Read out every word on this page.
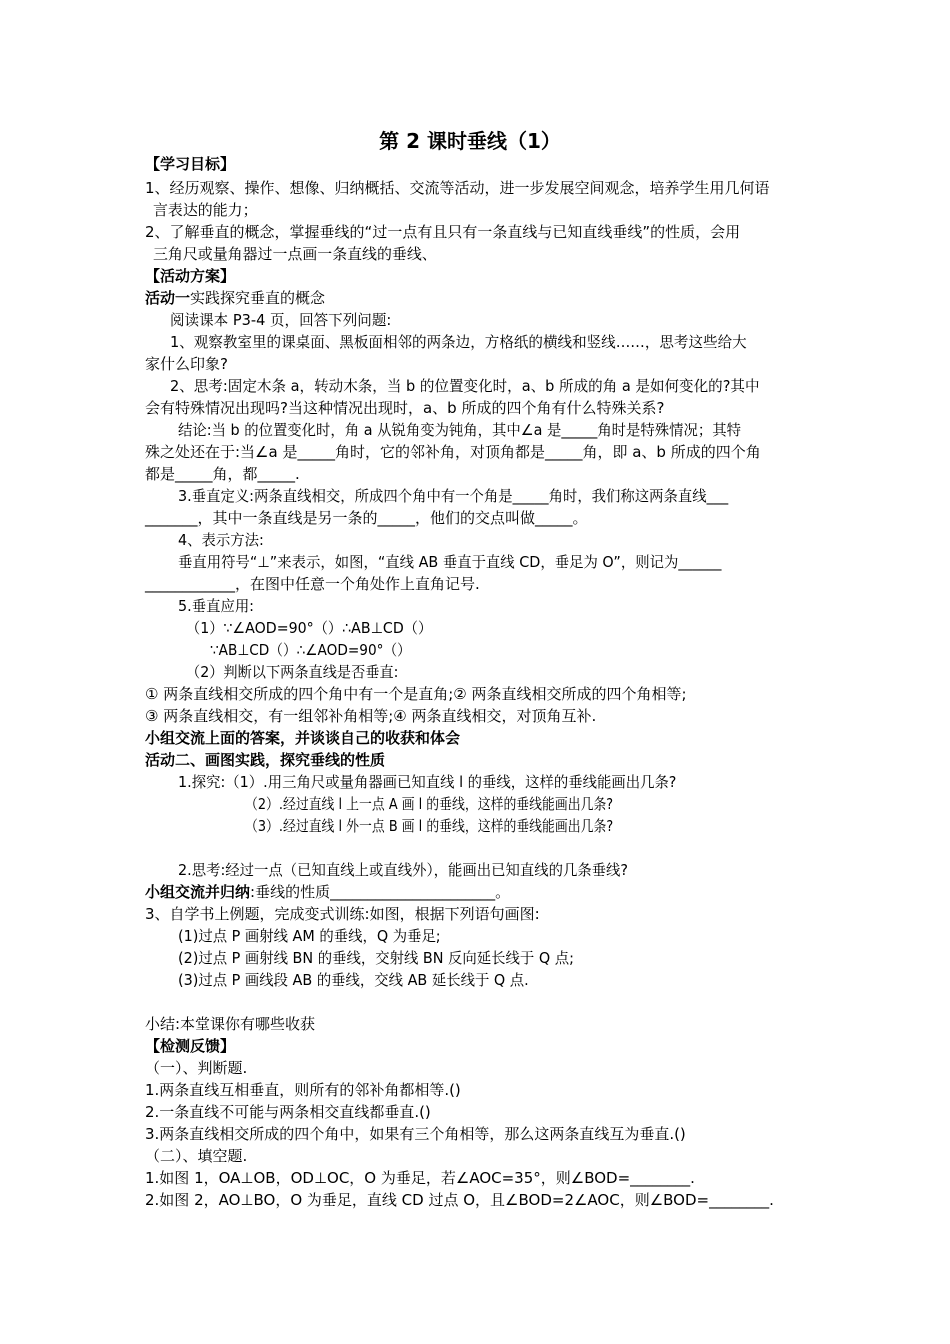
第 2 课时垂线（1）
【学习目标】
1、经历观察、操作、想像、归纳概括、交流等活动，进一步发展空间观念，培养学生用几何语
言表达的能力；
2、了解垂直的概念，掌握垂线的“过一点有且只有一条直线与已知直线垂线”的性质，会用
三角尺或量角器过一点画一条直线的垂线、
【活动方案】
活动一实践探究垂直的概念
阅读课本 P3-4 页，回答下列问题:
1、观察教室里的课桌面、黑板面相邻的两条边，方格纸的横线和竖线……，思考这些给大
家什么印象?
2、思考:固定木条 a，转动木条，当 b 的位置变化时，a、b 所成的角 a 是如何变化的?其中
会有特殊情况出现吗?当这种情况出现时，a、b 所成的四个角有什么特殊关系?
结论:当 b 的位置变化时，角 a 从锐角变为钝角，其中∠a 是_____角时是特殊情况；其特
殊之处还在于:当∠a 是_____角时，它的邻补角，对顶角都是_____角，即 a、b 所成的四个角
都是_____角，都_____.
3.垂直定义:两条直线相交，所成四个角中有一个角是_____角时，我们称这两条直线___
_______，其中一条直线是另一条的_____，他们的交点叫做_____。
4、表示方法:
垂直用符号“⊥”来表示，如图，“直线 AB 垂直于直线 CD，垂足为 O”，则记为______
____________，在图中任意一个角处作上直角记号.
5.垂直应用:
（1）∵∠AOD=90°（）∴AB⊥CD（）
∵AB⊥CD（）∴∠AOD=90°（）
（2）判断以下两条直线是否垂直:
① 两条直线相交所成的四个角中有一个是直角;② 两条直线相交所成的四个角相等;
③ 两条直线相交，有一组邻补角相等;④ 两条直线相交，对顶角互补.
小组交流上面的答案，并谈谈自己的收获和体会
活动二、画图实践，探究垂线的性质
1.探究:（1）.用三角尺或量角器画已知直线 l 的垂线，这样的垂线能画出几条?
（2）.经过直线 l 上一点 A 画 l 的垂线，这样的垂线能画出几条?
（3）.经过直线 l 外一点 B 画 l 的垂线，这样的垂线能画出几条?
2.思考:经过一点（已知直线上或直线外），能画出已知直线的几条垂线?
小组交流并归纳:垂线的性质______________________。
3、自学书上例题，完成变式训练:如图，根据下列语句画图:
(1)过点 P 画射线 AM 的垂线，Q 为垂足;
(2)过点 P 画射线 BN 的垂线，交射线 BN 反向延长线于 Q 点;
(3)过点 P 画线段 AB 的垂线，交线 AB 延长线于 Q 点.
小结:本堂课你有哪些收获
【检测反馈】
（一）、判断题.
1.两条直线互相垂直，则所有的邻补角都相等.()
2.一条直线不可能与两条相交直线都垂直.()
3.两条直线相交所成的四个角中，如果有三个角相等，那么这两条直线互为垂直.()
（二）、填空题.
1.如图 1，OA⊥OB，OD⊥OC，O 为垂足，若∠AOC=35°，则∠BOD=________.
2.如图 2，AO⊥BO，O 为垂足，直线 CD 过点 O，且∠BOD=2∠AOC，则∠BOD=________.
